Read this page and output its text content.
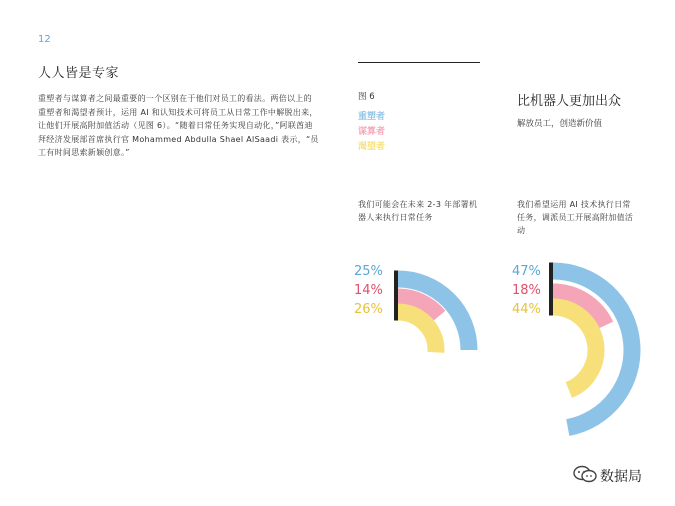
12
人人皆是专家
重塑者与谋算者之间最重要的一个区别在于他们对员工的看法。两倍以上的重塑者和渴望者预计，运用 AI 和认知技术可将员工从日常工作中解脱出来，让他们开展高附加值活动（见图 6）。“随着日常任务实现自动化，”阿联酋迪拜经济发展部首席执行官 Mohammed Abdulla Shael AlSaadi 表示，“员工有时间思索新颖创意。”
图 6
重塑者
谋算者
渴望者
比机器人更加出众
解放员工，创造新价值
我们可能会在未来 2-3 年部署机器人来执行日常任务
我们希望运用 AI 技术执行日常任务，调派员工开展高附加值活动
25%
14%
26%
47%
18%
44%
数据局
